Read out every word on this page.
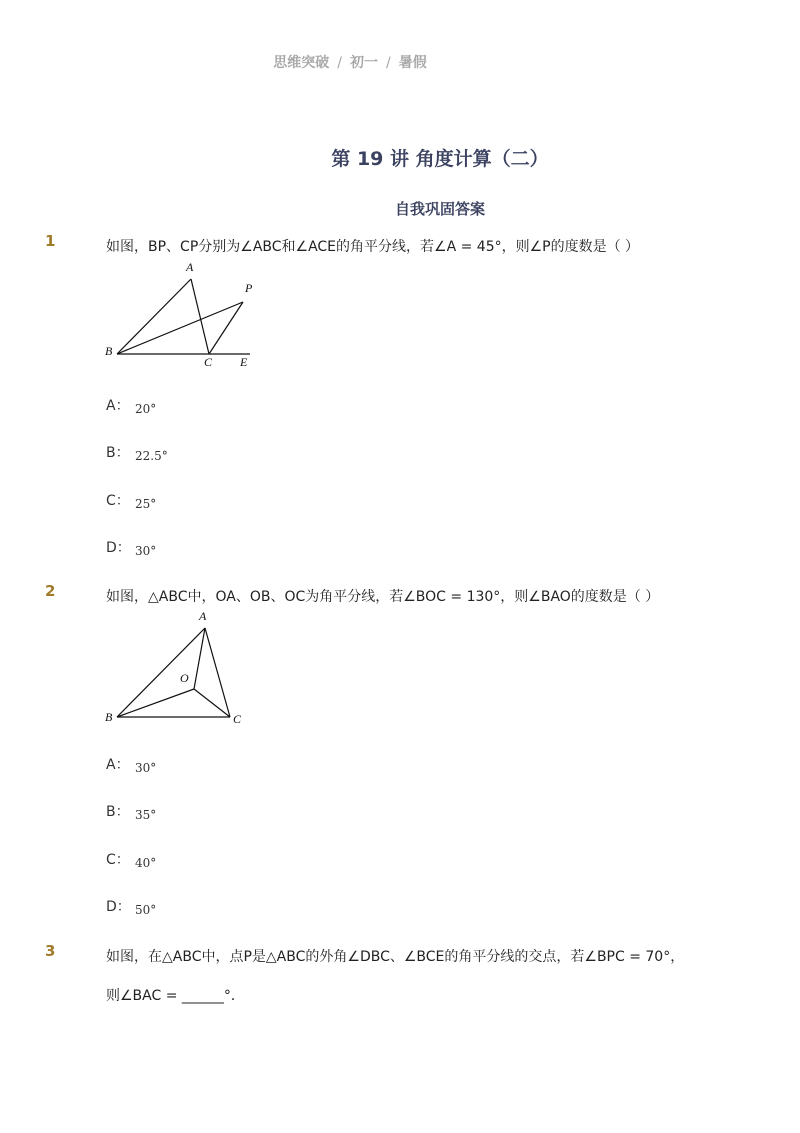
思维突破 / 初一 / 暑假
第 19 讲 角度计算（二）
自我巩固答案
1	如图，BP、CP分别为∠ABC和∠ACE的角平分线，若∠A = 45°，则∠P的度数是（ ）
A
P
B
C E
A： 20°
B： 22.5°
C： 25°
D： 30°
2	如图，△ABC中，OA、OB、OC为角平分线，若∠BOC = 130°，则∠BAO的度数是（ ）
A
O
B	C
A： 30°
B： 35°
C： 40°
D： 50°
3	如图，在△ABC中，点P是△ABC的外角∠DBC、∠BCE的角平分线的交点，若∠BPC = 70°，
则∠BAC = ______°．
